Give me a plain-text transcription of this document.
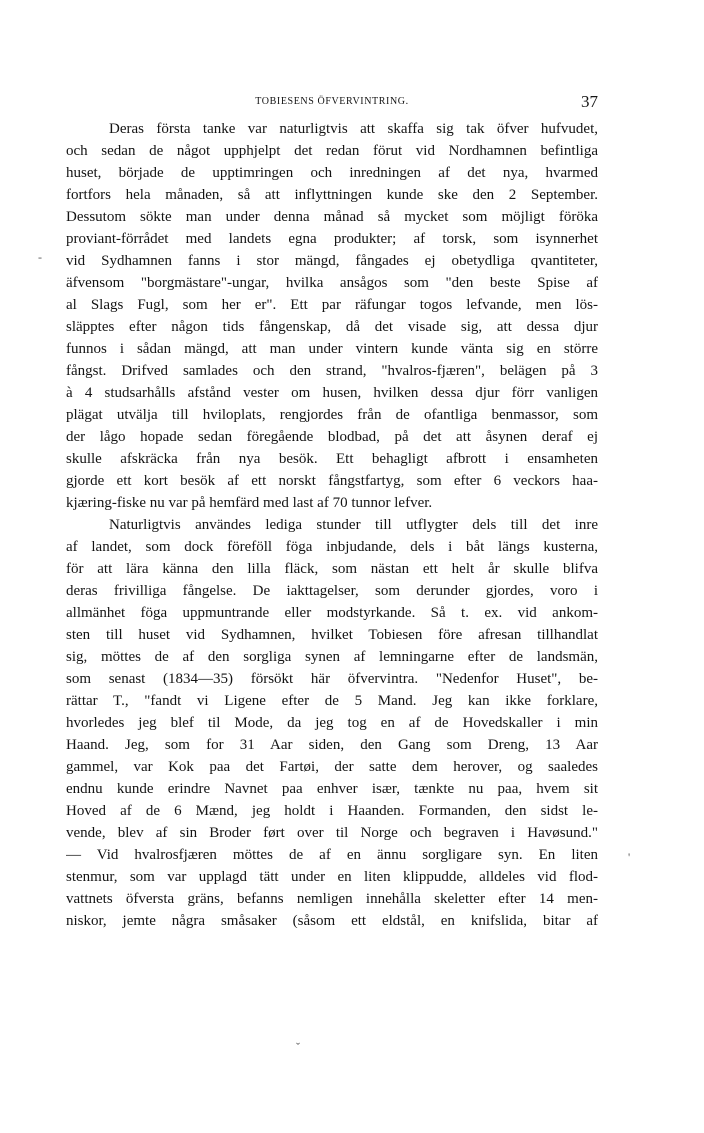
TOBIESENS ÖFVERVINTRING.	37
Deras första tanke var naturligtvis att skaffa sig tak öfver hufvudet,
och sedan de något upphjelpt det redan förut vid Nordhamnen befintliga
huset, började de upptimringen och inredningen af det nya, hvarmed
fortfors hela månaden, så att inflyttningen kunde ske den 2 September.
Dessutom sökte man under denna månad så mycket som möjligt föröka
proviant-förrådet med landets egna produkter; af torsk, som isynnerhet
vid Sydhamnen fanns i stor mängd, fångades ej obetydliga qvantiteter,
äfvensom "borgmästare"-ungar, hvilka ansågos som "den beste Spise af
al Slags Fugl, som her er". Ett par räfungar togos lefvande, men lös-
släpptes efter någon tids fångenskap, då det visade sig, att dessa djur
funnos i sådan mängd, att man under vintern kunde vänta sig en större
fångst. Drifved samlades och den strand, "hvalros-fjæren", belägen på 3
à 4 studsarhålls afstånd vester om husen, hvilken dessa djur förr vanligen
plägat utvälja till hviloplats, rengjordes från de ofantliga benmassor, som
der lågo hopade sedan föregående blodbad, på det att åsynen deraf ej
skulle afskräcka från nya besök. Ett behagligt afbrott i ensamheten
gjorde ett kort besök af ett norskt fångstfartyg, som efter 6 veckors haa-
kjæring-fiske nu var på hemfärd med last af 70 tunnor lefver.
Naturligtvis användes lediga stunder till utflygter dels till det inre
af landet, som dock föreföll föga inbjudande, dels i båt längs kusterna,
för att lära känna den lilla fläck, som nästan ett helt år skulle blifva
deras frivilliga fångelse. De iakttagelser, som derunder gjordes, voro i
allmänhet föga uppmuntrande eller modstyrkande. Så t. ex. vid ankom-
sten till huset vid Sydhamnen, hvilket Tobiesen före afresan tillhandlat
sig, möttes de af den sorgliga synen af lemningarne efter de landsmän,
som senast (1834—35) försökt här öfvervintra. "Nedenfor Huset", be-
rättar T., "fandt vi Ligene efter de 5 Mand. Jeg kan ikke forklare,
hvorledes jeg blef til Mode, da jeg tog en af de Hovedskaller i min
Haand. Jeg, som for 31 Aar siden, den Gang som Dreng, 13 Aar
gammel, var Kok paa det Fartøi, der satte dem herover, og saaledes
endnu kunde erindre Navnet paa enhver især, tænkte nu paa, hvem sit
Hoved af de 6 Mænd, jeg holdt i Haanden. Formanden, den sidst le-
vende, blev af sin Broder ført over til Norge och begraven i Havøsund."
— Vid hvalrosfjæren möttes de af en ännu sorgligare syn. En liten
stenmur, som var upplagd tätt under en liten klippudde, alldeles vid flod-
vattnets öfversta gräns, befanns nemligen innehålla skeletter efter 14 men-
niskor, jemte några småsaker (såsom ett eldstål, en knifslida, bitar af
-
'
ˇ
